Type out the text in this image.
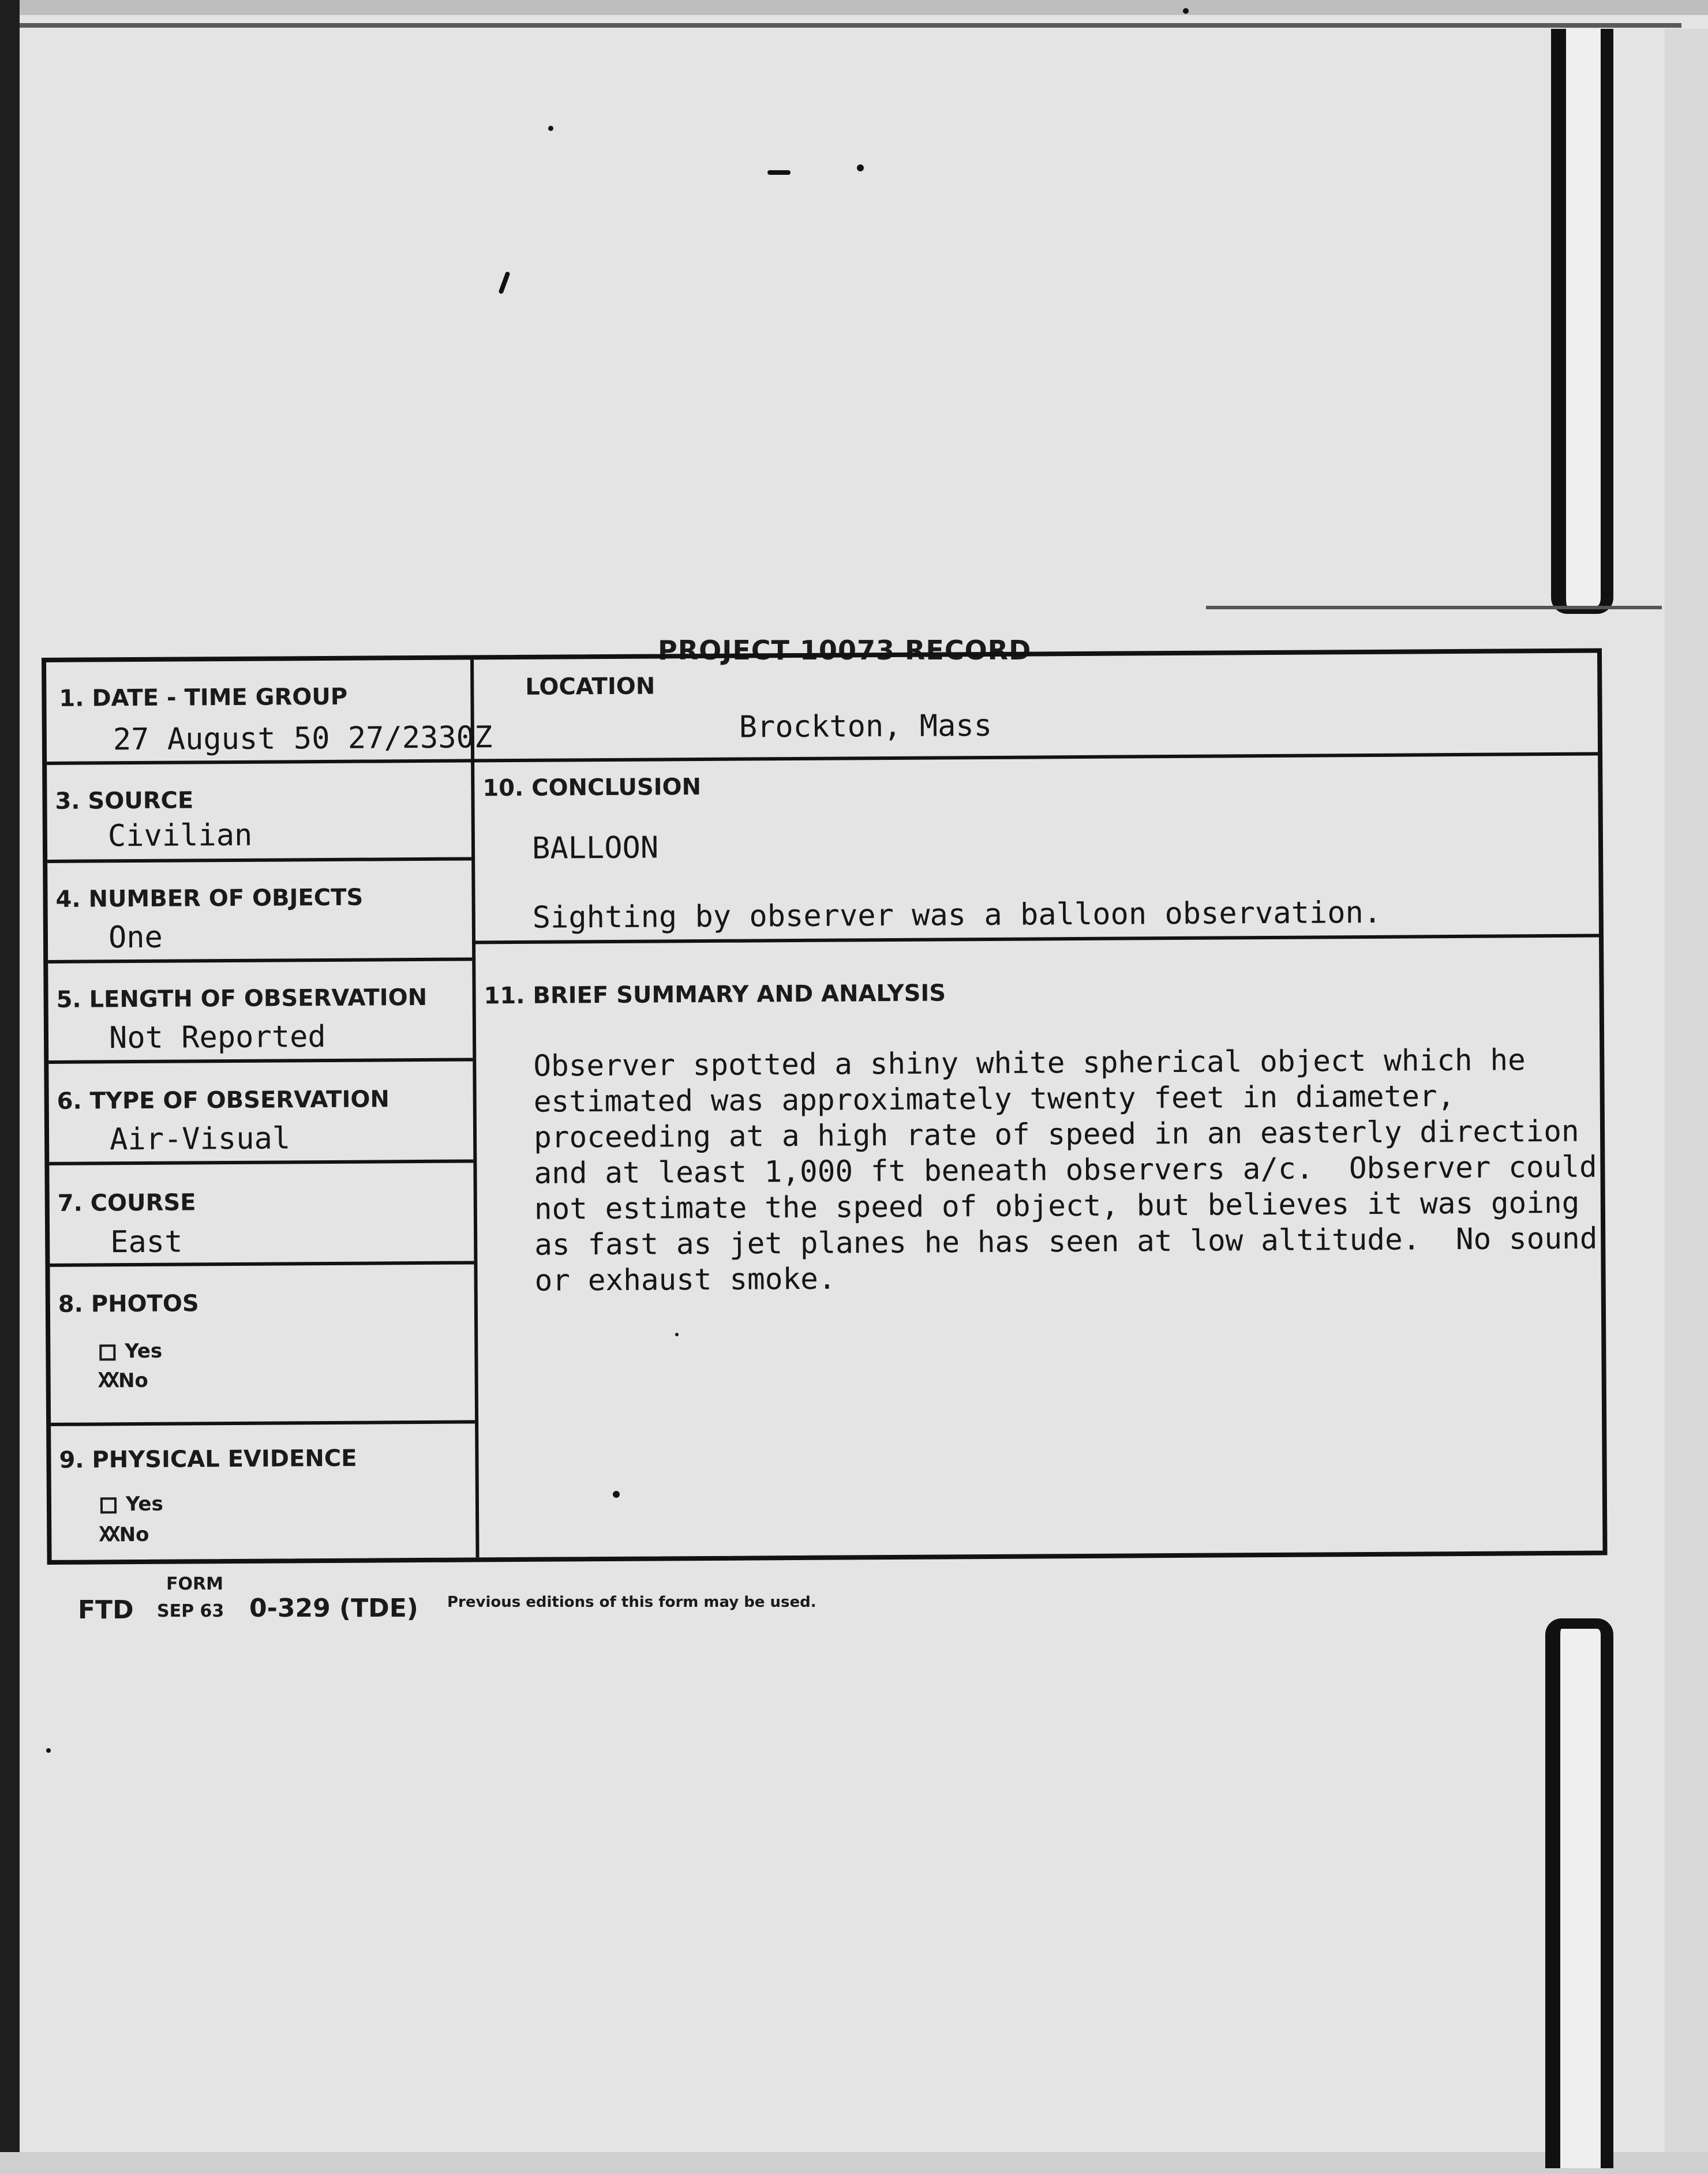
PROJECT 10073 RECORD
1. DATE - TIME GROUP
27 August 50 27/2330Z
LOCATION
Brockton, Mass
3. SOURCE
Civilian
4. NUMBER OF OBJECTS
One
5. LENGTH OF OBSERVATION
Not Reported
6. TYPE OF OBSERVATION
Air-Visual
7. COURSE
East
8. PHOTOS
Yes
XX No
9. PHYSICAL EVIDENCE
Yes
XX No
10. CONCLUSION
BALLOON
Sighting by observer was a balloon observation.
11. BRIEF SUMMARY AND ANALYSIS

Observer spotted a shiny white spherical object which he estimated was approximately twenty feet in diameter, proceeding at a high rate of speed in an easterly direction and at least 1,000 ft beneath observers a/c.  Observer could not estimate the speed of object, but believes it was going as fast as jet planes he has seen at low altitude.  No sound or exhaust smoke.

FORM
FTD SEP 63 0-329 (TDE) Previous editions of this form may be used.
